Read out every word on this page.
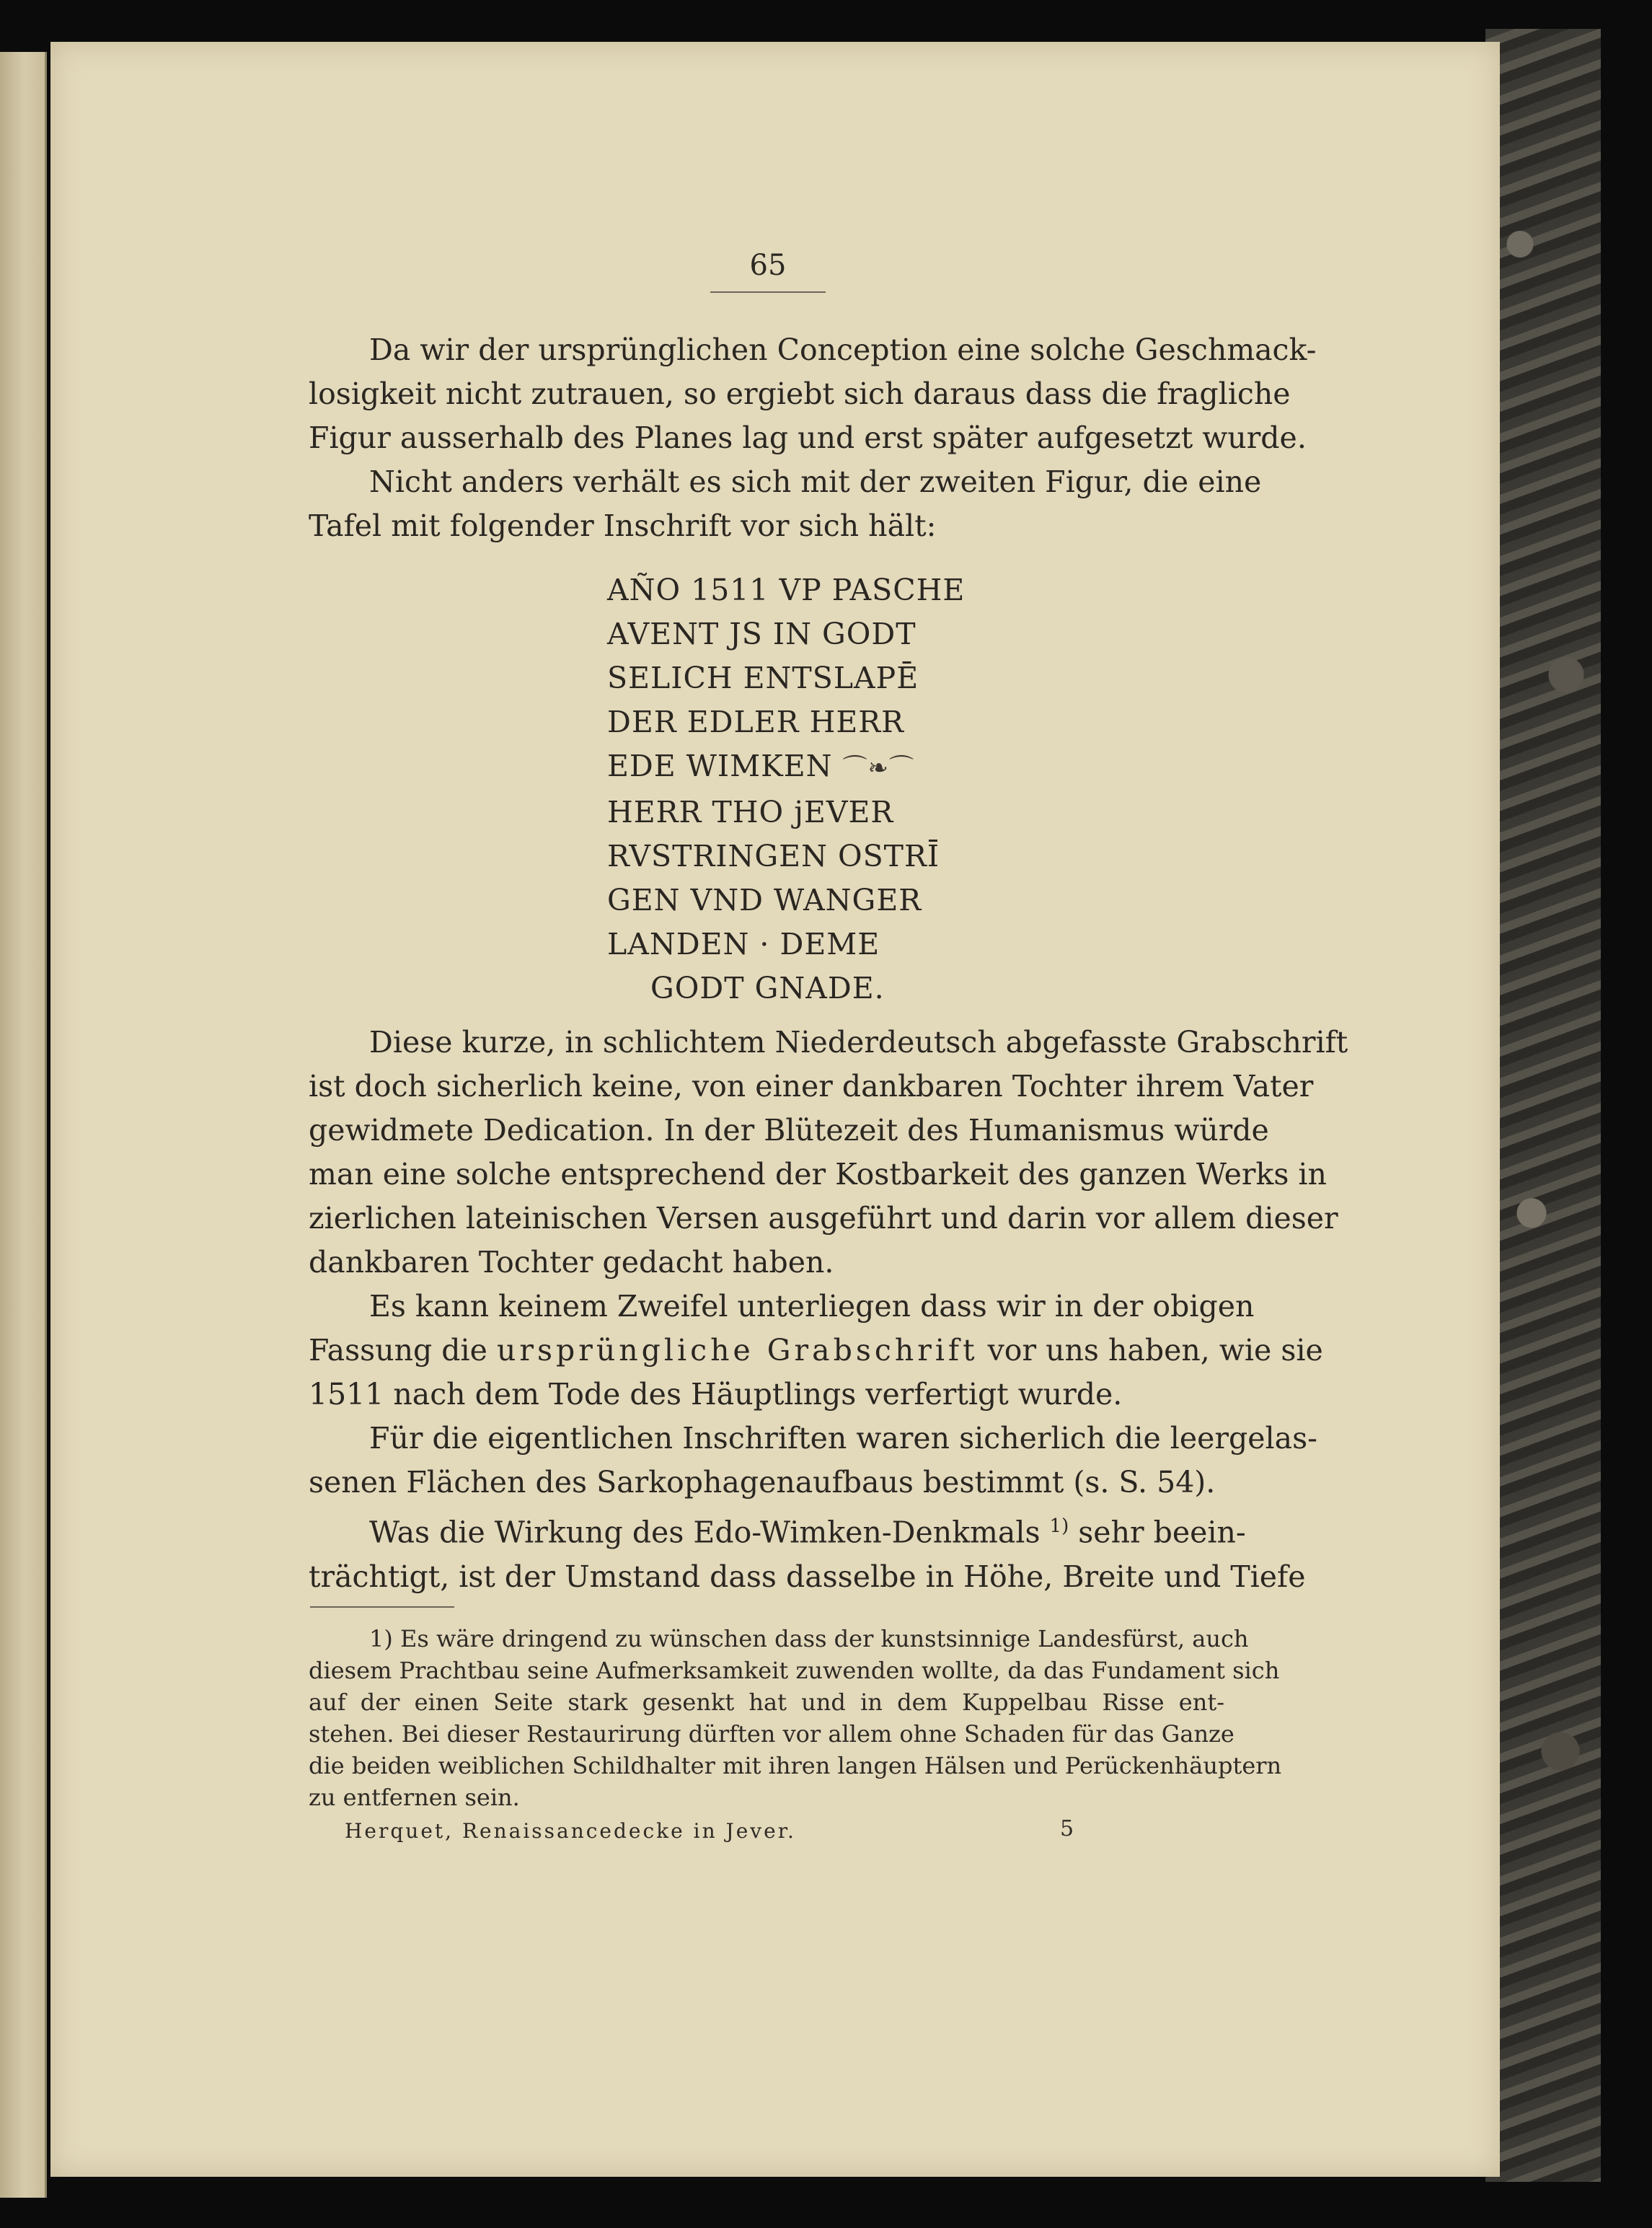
65
Da wir der ursprünglichen Conception eine solche Geschmack-
losigkeit nicht zutrauen, so ergiebt sich daraus dass die fragliche
Figur ausserhalb des Planes lag und erst später aufgesetzt wurde.
Nicht anders verhält es sich mit der zweiten Figur, die eine
Tafel mit folgender Inschrift vor sich hält:
AÑO 1511 VP PASCHE
AVENT JS IN GODT
SELICH ENTSLAPĒ
DER EDLER HERR
EDE WIMKEN ⌒❧⌒
HERR THO jEVER
RVSTRINGEN OSTRĪ
GEN VND WANGER
LANDEN · DEME
GODT GNADE.
Diese kurze, in schlichtem Niederdeutsch abgefasste Grabschrift
ist doch sicherlich keine, von einer dankbaren Tochter ihrem Vater
gewidmete Dedication. In der Blütezeit des Humanismus würde
man eine solche entsprechend der Kostbarkeit des ganzen Werks in
zierlichen lateinischen Versen ausgeführt und darin vor allem dieser
dankbaren Tochter gedacht haben.
Es kann keinem Zweifel unterliegen dass wir in der obigen
Fassung die ursprüngliche Grabschrift vor uns haben, wie sie
1511 nach dem Tode des Häuptlings verfertigt wurde.
Für die eigentlichen Inschriften waren sicherlich die leergelas-
senen Flächen des Sarkophagenaufbaus bestimmt (s. S. 54).
Was die Wirkung des Edo-Wimken-Denkmals $^{1)}$ sehr beein-
trächtigt, ist der Umstand dass dasselbe in Höhe, Breite und Tiefe
1) Es wäre dringend zu wünschen dass der kunstsinnige Landesfürst, auch
diesem Prachtbau seine Aufmerksamkeit zuwenden wollte, da das Fundament sich
auf der einen Seite stark gesenkt hat und in dem Kuppelbau Risse ent-
stehen. Bei dieser Restaurirung dürften vor allem ohne Schaden für das Ganze
die beiden weiblichen Schildhalter mit ihren langen Hälsen und Perückenhäuptern
zu entfernen sein.
Herquet, Renaissancedecke in Jever.	5
